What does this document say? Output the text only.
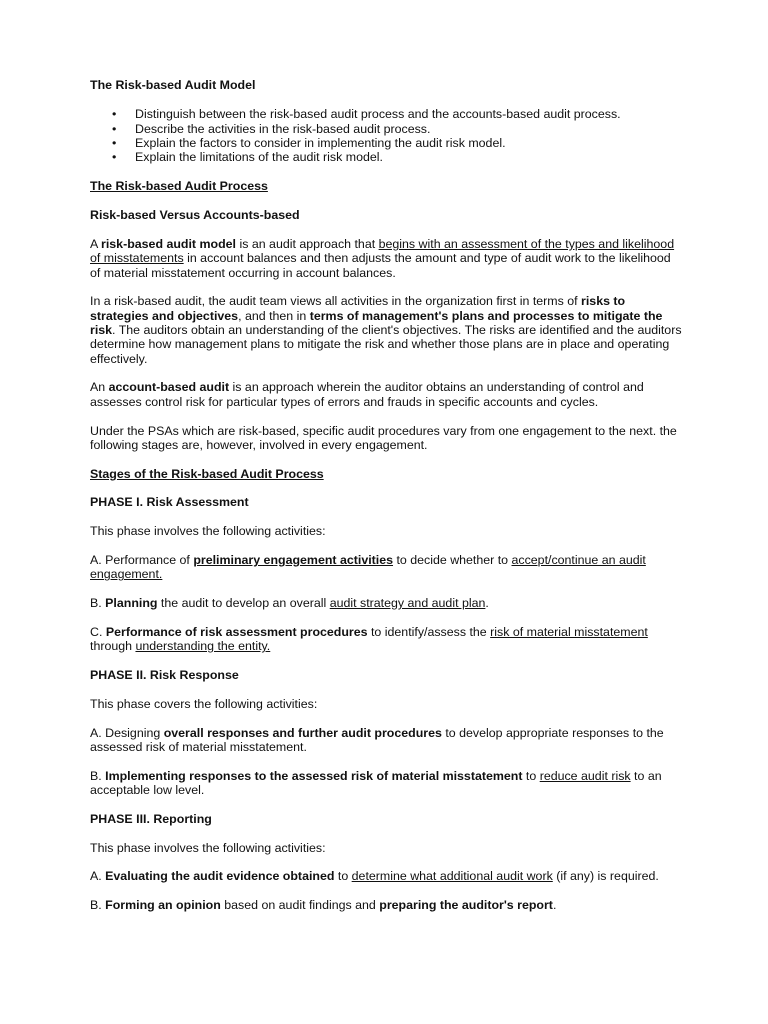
The Risk-based Audit Model
• Distinguish between the risk-based audit process and the accounts-based audit process.
• Describe the activities in the risk-based audit process.
• Explain the factors to consider in implementing the audit risk model.
• Explain the limitations of the audit risk model.

The Risk-based Audit Process

Risk-based Versus Accounts-based

A risk-based audit model is an audit approach that begins with an assessment of the types and likelihood of misstatements in account balances and then adjusts the amount and type of audit work to the likelihood of material misstatement occurring in account balances.

In a risk-based audit, the audit team views all activities in the organization first in terms of risks to strategies and objectives, and then in terms of management's plans and processes to mitigate the risk. The auditors obtain an understanding of the client's objectives. The risks are identified and the auditors determine how management plans to mitigate the risk and whether those plans are in place and operating effectively.

An account-based audit is an approach wherein the auditor obtains an understanding of control and assesses control risk for particular types of errors and frauds in specific accounts and cycles.

Under the PSAs which are risk-based, specific audit procedures vary from one engagement to the next. the following stages are, however, involved in every engagement.

Stages of the Risk-based Audit Process

PHASE I. Risk Assessment

This phase involves the following activities:

A. Performance of preliminary engagement activities to decide whether to accept/continue an audit engagement.

B. Planning the audit to develop an overall audit strategy and audit plan.

C. Performance of risk assessment procedures to identify/assess the risk of material misstatement through understanding the entity.

PHASE II. Risk Response

This phase covers the following activities:

A. Designing overall responses and further audit procedures to develop appropriate responses to the assessed risk of material misstatement.

B. Implementing responses to the assessed risk of material misstatement to reduce audit risk to an acceptable low level.

PHASE III. Reporting

This phase involves the following activities:

A. Evaluating the audit evidence obtained to determine what additional audit work (if any) is required.

B. Forming an opinion based on audit findings and preparing the auditor's report.
